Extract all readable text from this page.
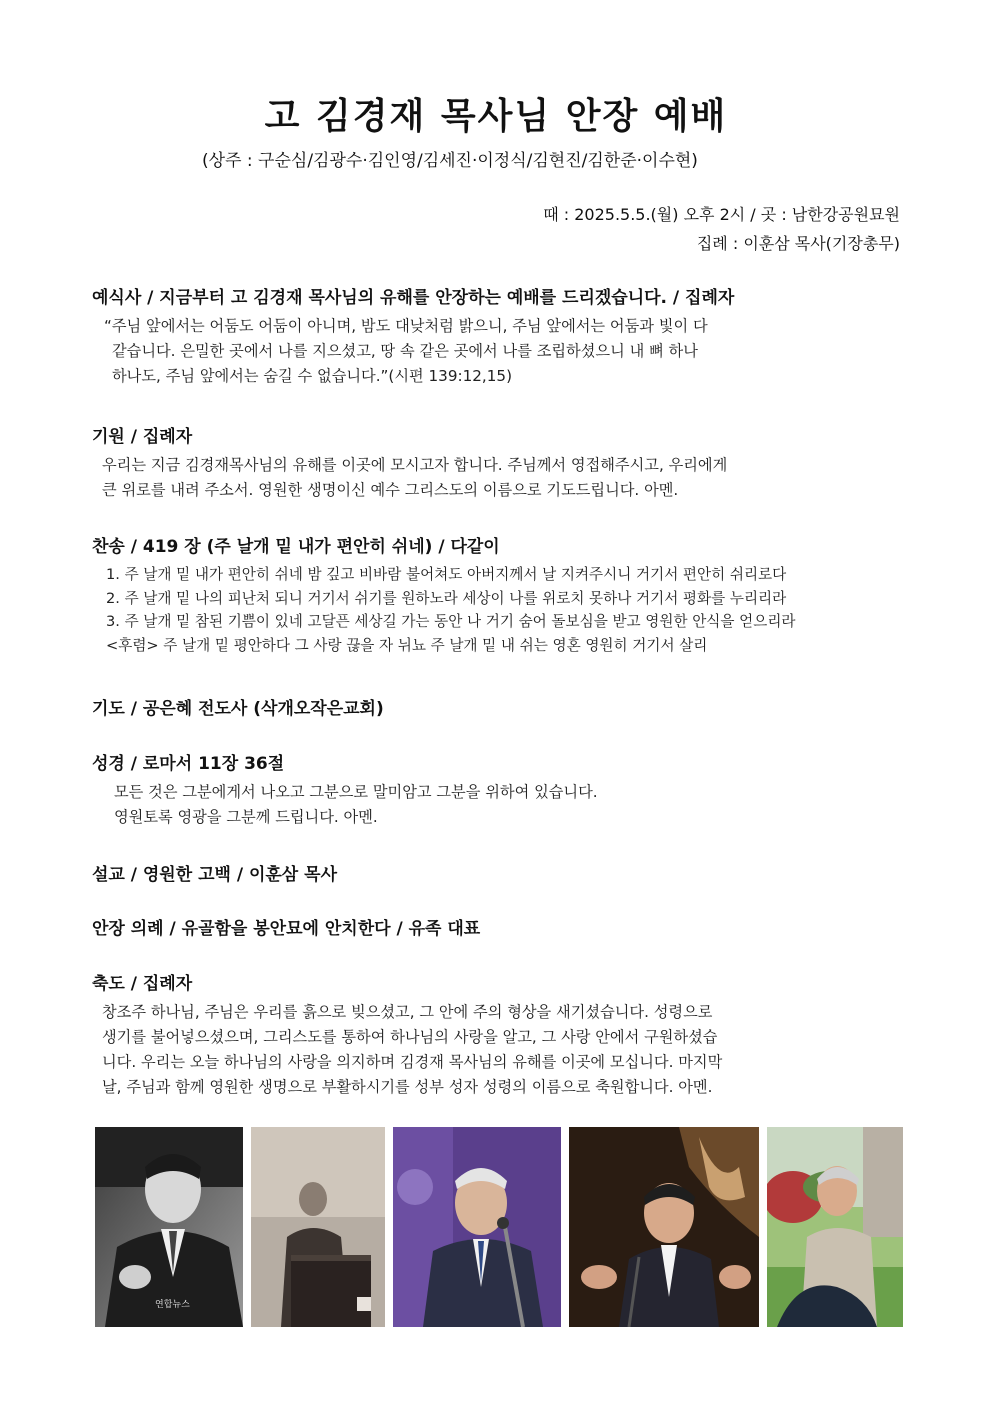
고 김경재 목사님 안장 예배

(상주 : 구순심/김광수·김인영/김세진·이정식/김현진/김한준·이수현)

때 : 2025.5.5.(월) 오후 2시 / 곳 : 남한강공원묘원

집례 : 이훈삼 목사(기장총무)

예식사 / 지금부터 고 김경재 목사님의 유해를 안장하는 예배를 드리겠습니다. / 집례자

“주님 앞에서는 어둠도 어둠이 아니며, 밤도 대낮처럼 밝으니, 주님 앞에서는 어둠과 빛이 다

같습니다. 은밀한 곳에서 나를 지으셨고, 땅 속 같은 곳에서 나를 조립하셨으니 내 뼈 하나

하나도, 주님 앞에서는 숨길 수 없습니다.”(시편 139:12,15)

기원 / 집례자

우리는 지금 김경재목사님의 유해를 이곳에 모시고자 합니다. 주님께서 영접해주시고, 우리에게

큰 위로를 내려 주소서. 영원한 생명이신 예수 그리스도의 이름으로 기도드립니다. 아멘.

찬송 / 419 장 (주 날개 밑 내가 편안히 쉬네) / 다같이

1. 주 날개 밑 내가 편안히 쉬네 밤 깊고 비바람 불어쳐도 아버지께서 날 지켜주시니 거기서 편안히 쉬리로다

2. 주 날개 밑 나의 피난처 되니 거기서 쉬기를 원하노라 세상이 나를 위로치 못하나 거기서 평화를 누리리라

3. 주 날개 밑 참된 기쁨이 있네 고달픈 세상길 가는 동안 나 거기 숨어 돌보심을 받고 영원한 안식을 얻으리라

<후렴> 주 날개 밑 평안하다 그 사랑 끊을 자 뉘뇨 주 날개 밑 내 쉬는 영혼 영원히 거기서 살리

기도 / 공은혜 전도사 (삭개오작은교회)

성경 / 로마서 11장 36절

모든 것은 그분에게서 나오고 그분으로 말미암고 그분을 위하여 있습니다.

영원토록 영광을 그분께 드립니다. 아멘.

설교 / 영원한 고백 / 이훈삼 목사

안장 의례 / 유골함을 봉안묘에 안치한다 / 유족 대표

축도 / 집례자

창조주 하나님, 주님은 우리를 흙으로 빚으셨고, 그 안에 주의 형상을 새기셨습니다. 성령으로

생기를 불어넣으셨으며, 그리스도를 통하여 하나님의 사랑을 알고, 그 사랑 안에서 구원하셨습

니다. 우리는 오늘 하나님의 사랑을 의지하며 김경재 목사님의 유해를 이곳에 모십니다. 마지막

날, 주님과 함께 영원한 생명으로 부활하시기를 성부 성자 성령의 이름으로 축원합니다. 아멘.

연합뉴스
